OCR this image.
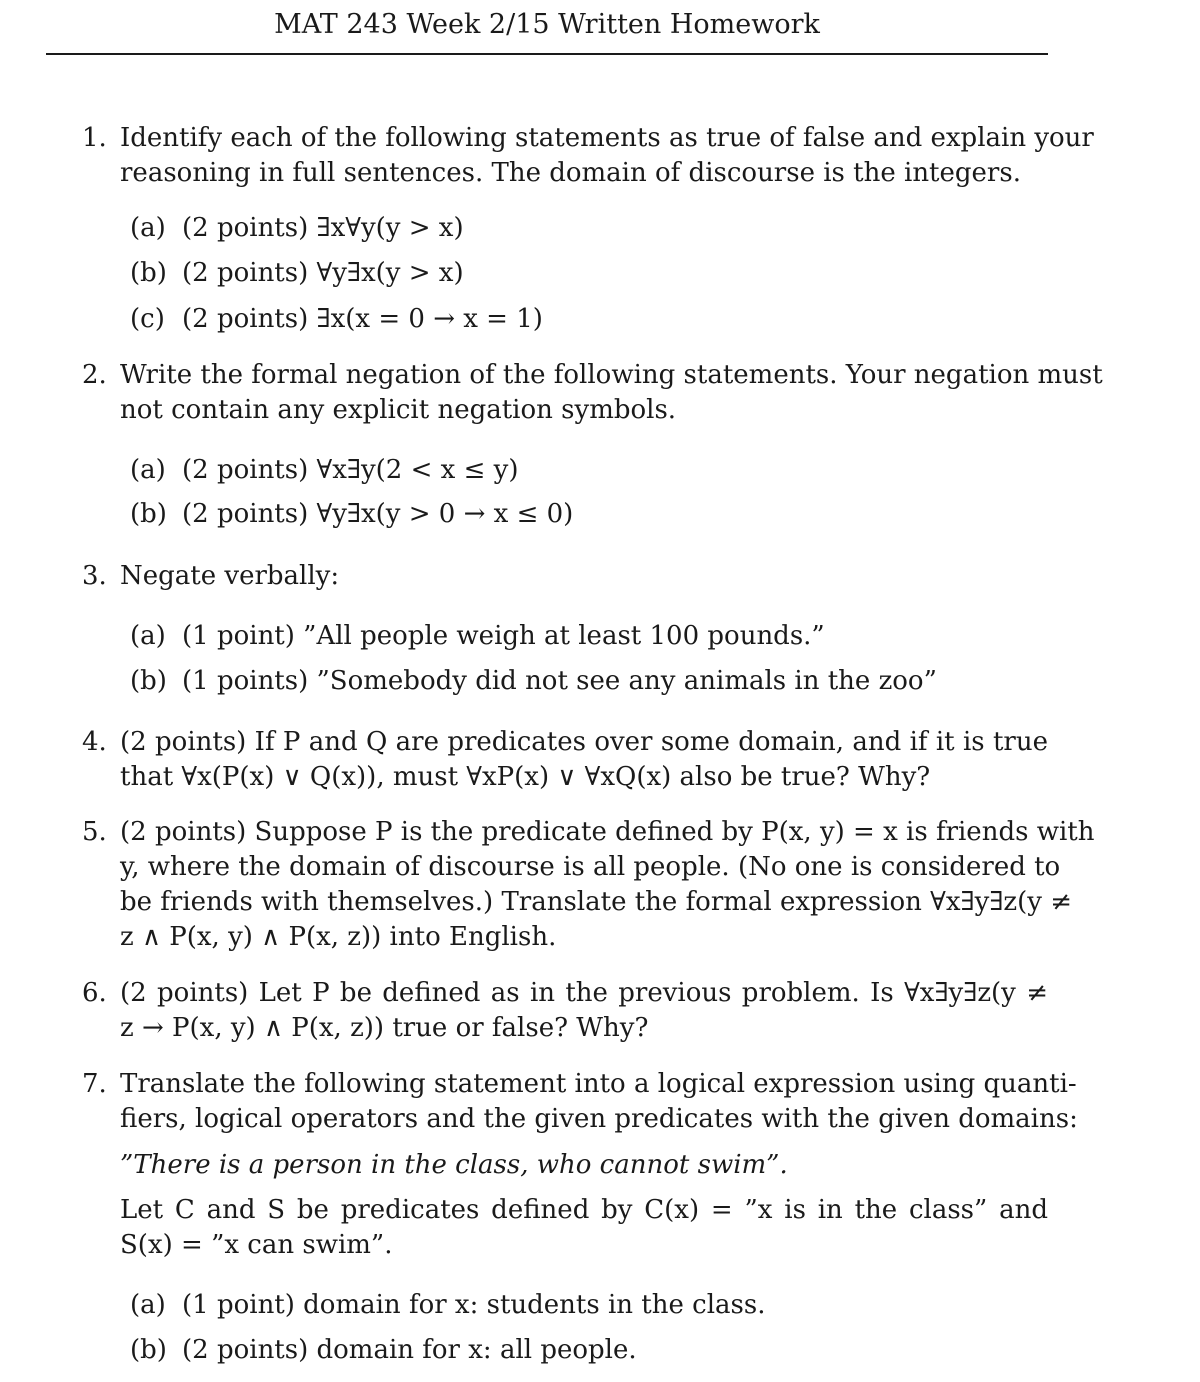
MAT 243 Week 2/15 Written Homework
1. Identify each of the following statements as true of false and explain your
reasoning in full sentences. The domain of discourse is the integers.
(a) (2 points) ∃x∀y(y > x)
(b) (2 points) ∀y∃x(y > x)
(c) (2 points) ∃x(x = 0 → x = 1)
2. Write the formal negation of the following statements. Your negation must
not contain any explicit negation symbols.
(a) (2 points) ∀x∃y(2 < x ≤ y)
(b) (2 points) ∀y∃x(y > 0 → x ≤ 0)
3. Negate verbally:
(a) (1 point) ”All people weigh at least 100 pounds.”
(b) (1 points) ”Somebody did not see any animals in the zoo”
4. (2 points) If P and Q are predicates over some domain, and if it is true
that ∀x(P(x) ∨ Q(x)), must ∀xP(x) ∨ ∀xQ(x) also be true? Why?
5. (2 points) Suppose P is the predicate defined by P(x, y) = x is friends with
y, where the domain of discourse is all people. (No one is considered to
be friends with themselves.) Translate the formal expression ∀x∃y∃z(y ≠
z ∧ P(x, y) ∧ P(x, z)) into English.
6. (2 points) Let P be defined as in the previous problem. Is ∀x∃y∃z(y ≠
z → P(x, y) ∧ P(x, z)) true or false? Why?
7. Translate the following statement into a logical expression using quanti-
fiers, logical operators and the given predicates with the given domains:
”There is a person in the class, who cannot swim”.
Let C and S be predicates defined by C(x) = ”x is in the class” and
S(x) = ”x can swim”.
(a) (1 point) domain for x: students in the class.
(b) (2 points) domain for x: all people.
